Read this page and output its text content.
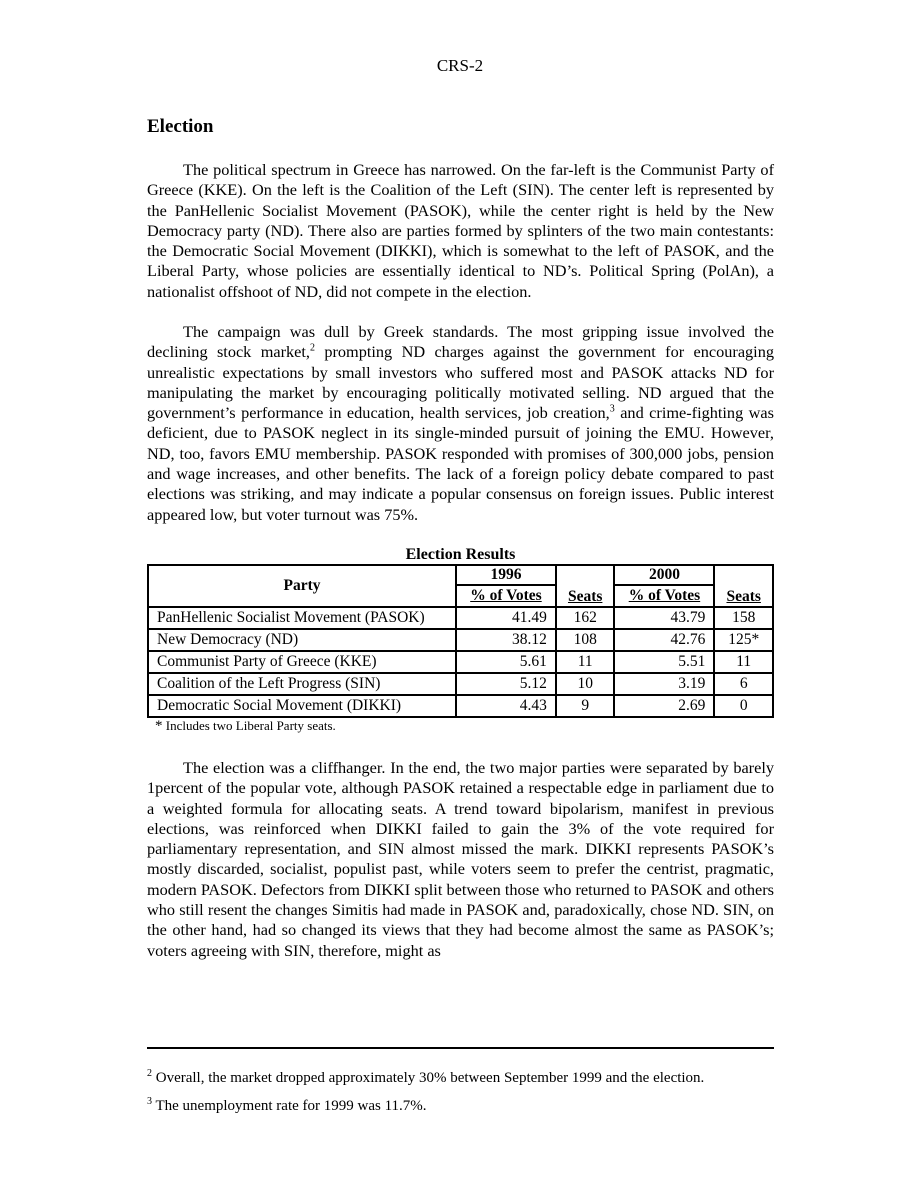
CRS-2
Election

The political spectrum in Greece has narrowed. On the far-left is the Communist Party of Greece (KKE). On the left is the Coalition of the Left (SIN). The center left is represented by the PanHellenic Socialist Movement (PASOK), while the center right is held by the New Democracy party (ND). There also are parties formed by splinters of the two main contestants: the Democratic Social Movement (DIKKI), which is somewhat to the left of PASOK, and the Liberal Party, whose policies are essentially identical to ND’s. Political Spring (PolAn), a nationalist offshoot of ND, did not compete in the election.

The campaign was dull by Greek standards. The most gripping issue involved the declining stock market,$^2$ prompting ND charges against the government for encouraging unrealistic expectations by small investors who suffered most and PASOK attacks ND for manipulating the market by encouraging politically motivated selling. ND argued that the government’s performance in education, health services, job creation,$^3$ and crime-fighting was deficient, due to PASOK neglect in its single-minded pursuit of joining the EMU. However, ND, too, favors EMU membership. PASOK responded with promises of 300,000 jobs, pension and wage increases, and other benefits. The lack of a foreign policy debate compared to past elections was striking, and may indicate a popular consensus on foreign issues. Public interest appeared low, but voter turnout was 75%.

Election Results
Party	1996	Seats	2000	Seats
	% of Votes		% of Votes	
PanHellenic Socialist Movement (PASOK)	41.49	162	43.79	158
New Democracy (ND)	38.12	108	42.76	125*
Communist Party of Greece (KKE)	5.61	11	5.51	11
Coalition of the Left Progress (SIN)	5.12	10	3.19	6
Democratic Social Movement (DIKKI)	4.43	9	2.69	0
* Includes two Liberal Party seats.

The election was a cliffhanger. In the end, the two major parties were separated by barely 1percent of the popular vote, although PASOK retained a respectable edge in parliament due to a weighted formula for allocating seats. A trend toward bipolarism, manifest in previous elections, was reinforced when DIKKI failed to gain the 3% of the vote required for parliamentary representation, and SIN almost missed the mark. DIKKI represents PASOK’s mostly discarded, socialist, populist past, while voters seem to prefer the centrist, pragmatic, modern PASOK. Defectors from DIKKI split between those who returned to PASOK and others who still resent the changes Simitis had made in PASOK and, paradoxically, chose ND. SIN, on the other hand, had so changed its views that they had become almost the same as PASOK’s; voters agreeing with SIN, therefore, might as

$^2$ Overall, the market dropped approximately 30% between September 1999 and the election.
$^3$ The unemployment rate for 1999 was 11.7%.
